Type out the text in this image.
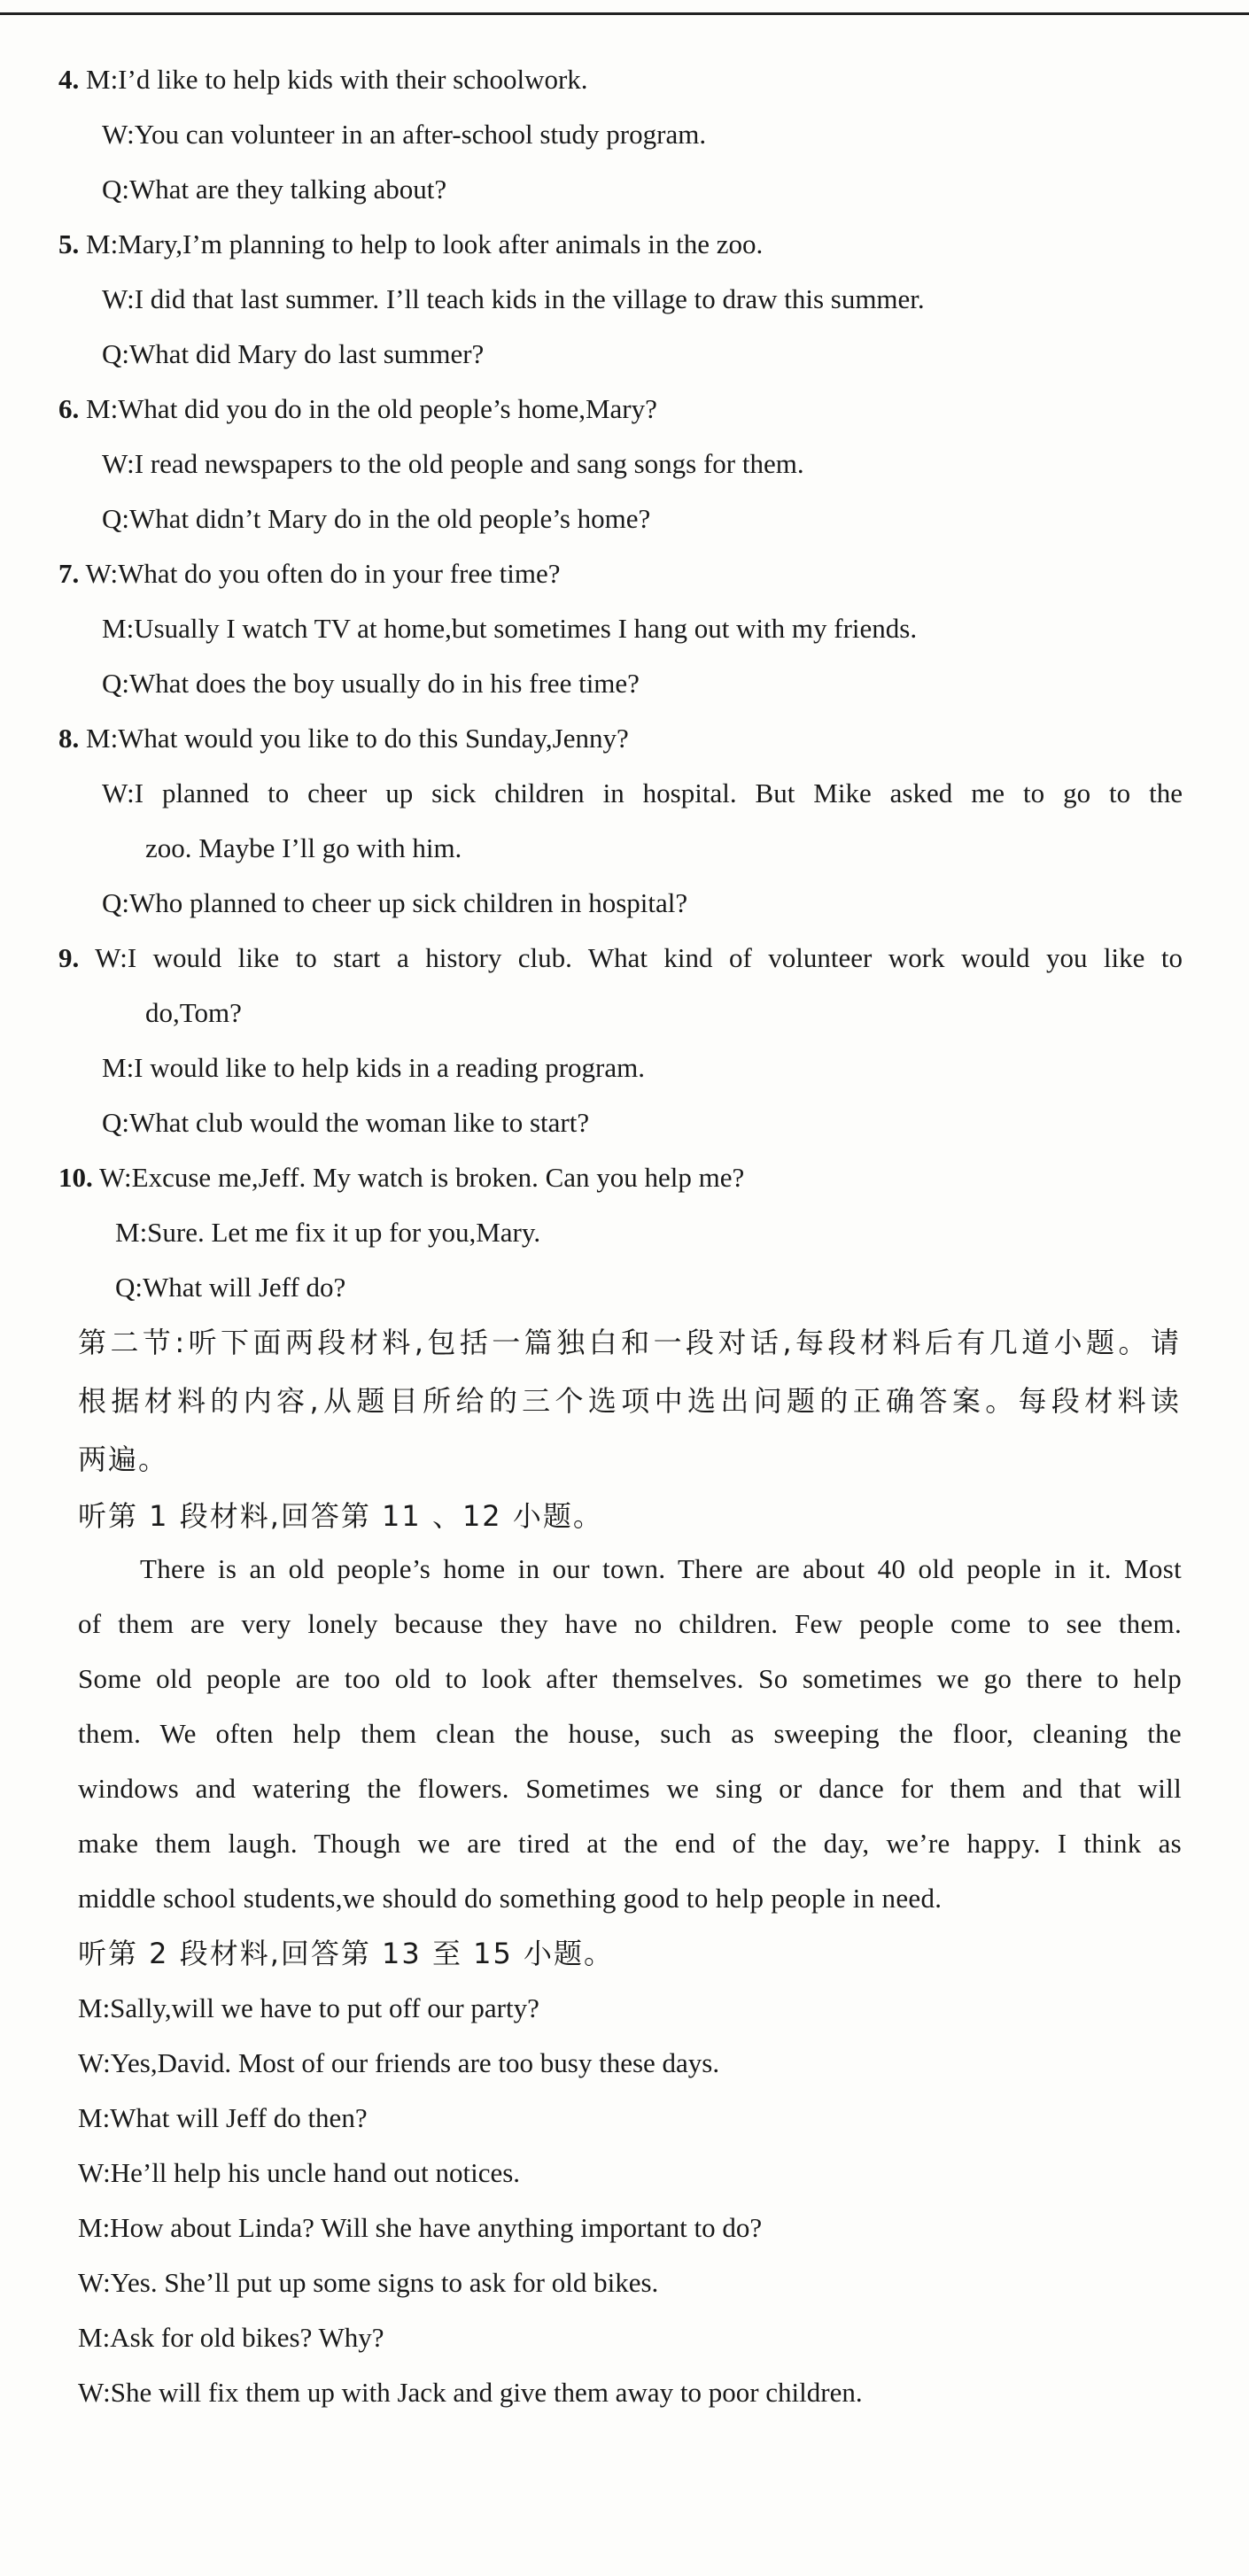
4. M:I’d like to help kids with their schoolwork.
W:You can volunteer in an after-school study program.
Q:What are they talking about?
5. M:Mary,I’m planning to help to look after animals in the zoo.
W:I did that last summer. I’ll teach kids in the village to draw this summer.
Q:What did Mary do last summer?
6. M:What did you do in the old people’s home,Mary?
W:I read newspapers to the old people and sang songs for them.
Q:What didn’t Mary do in the old people’s home?
7. W:What do you often do in your free time?
M:Usually I watch TV at home,but sometimes I hang out with my friends.
Q:What does the boy usually do in his free time?
8. M:What would you like to do this Sunday,Jenny?
W:I planned to cheer up sick children in hospital. But Mike asked me to go to the
zoo. Maybe I’ll go with him.
Q:Who planned to cheer up sick children in hospital?
9. W:I would like to start a history club. What kind of volunteer work would you like to
do,Tom?
M:I would like to help kids in a reading program.
Q:What club would the woman like to start?
10. W:Excuse me,Jeff. My watch is broken. Can you help me?
M:Sure. Let me fix it up for you,Mary.
Q:What will Jeff do?
第二节:听下面两段材料,包括一篇独白和一段对话,每段材料后有几道小题。请
根据材料的内容,从题目所给的三个选项中选出问题的正确答案。每段材料读
两遍。
听第 1 段材料,回答第 11 、12 小题。
There is an old people’s home in our town. There are about 40 old people in it. Most
of them are very lonely because they have no children. Few people come to see them.
Some old people are too old to look after themselves. So sometimes we go there to help
them. We often help them clean the house, such as sweeping the floor, cleaning the
windows and watering the flowers. Sometimes we sing or dance for them and that will
make them laugh. Though we are tired at the end of the day, we’re happy. I think as
middle school students,we should do something good to help people in need.
听第 2 段材料,回答第 13 至 15 小题。
M:Sally,will we have to put off our party?
W:Yes,David. Most of our friends are too busy these days.
M:What will Jeff do then?
W:He’ll help his uncle hand out notices.
M:How about Linda? Will she have anything important to do?
W:Yes. She’ll put up some signs to ask for old bikes.
M:Ask for old bikes? Why?
W:She will fix them up with Jack and give them away to poor children.
